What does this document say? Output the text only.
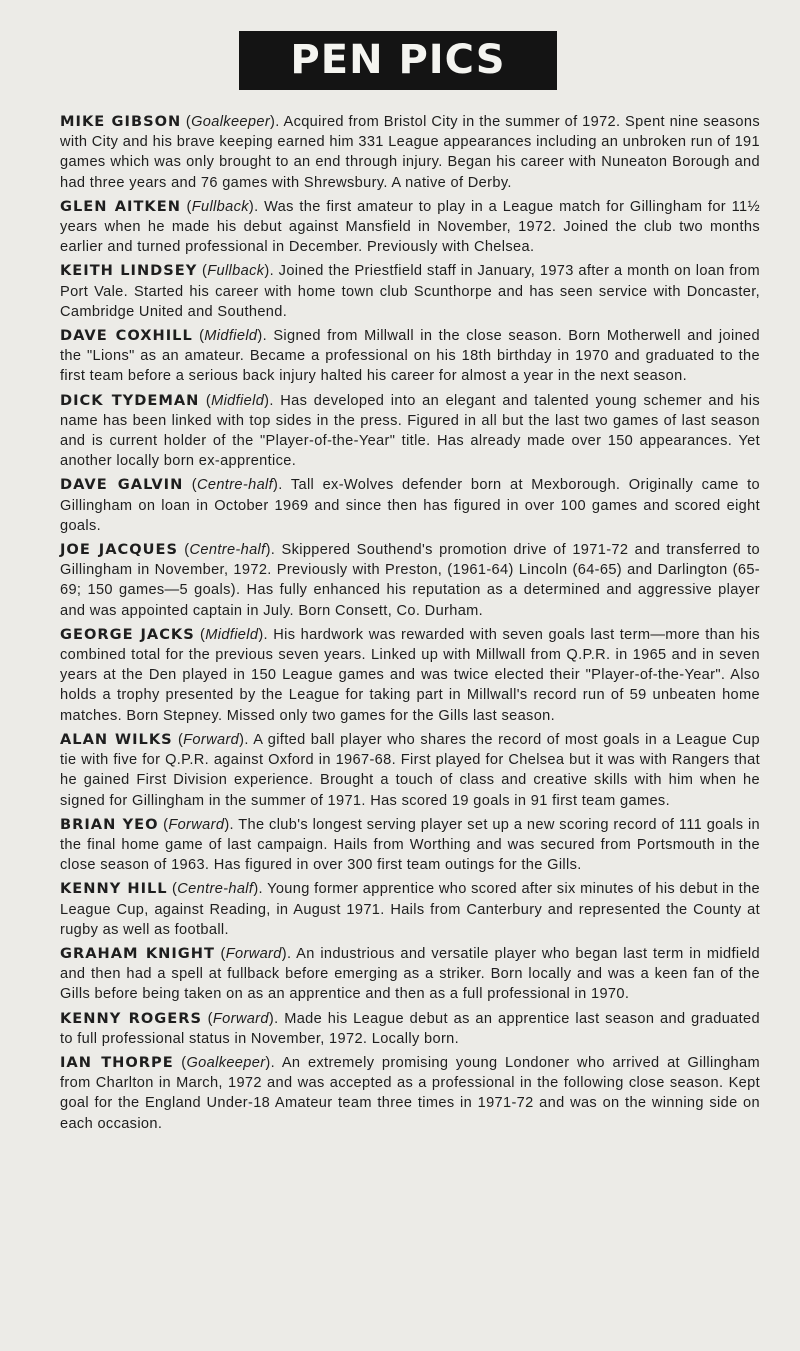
PEN PICS

MIKE GIBSON (Goalkeeper). Acquired from Bristol City in the summer of 1972. Spent nine seasons with City and his brave keeping earned him 331 League appearances including an unbroken run of 191 games which was only brought to an end through injury. Began his career with Nuneaton Borough and had three years and 76 games with Shrewsbury. A native of Derby.

GLEN AITKEN (Fullback). Was the first amateur to play in a League match for Gillingham for 11½ years when he made his debut against Mansfield in November, 1972. Joined the club two months earlier and turned professional in December. Previously with Chelsea.

KEITH LINDSEY (Fullback). Joined the Priestfield staff in January, 1973 after a month on loan from Port Vale. Started his career with home town club Scunthorpe and has seen service with Doncaster, Cambridge United and Southend.

DAVE COXHILL (Midfield). Signed from Millwall in the close season. Born Motherwell and joined the "Lions" as an amateur. Became a professional on his 18th birthday in 1970 and graduated to the first team before a serious back injury halted his career for almost a year in the next season.

DICK TYDEMAN (Midfield). Has developed into an elegant and talented young schemer and his name has been linked with top sides in the press. Figured in all but the last two games of last season and is current holder of the "Player-of-the-Year" title. Has already made over 150 appearances. Yet another locally born ex-apprentice.

DAVE GALVIN (Centre-half). Tall ex-Wolves defender born at Mexborough. Originally came to Gillingham on loan in October 1969 and since then has figured in over 100 games and scored eight goals.

JOE JACQUES (Centre-half). Skippered Southend's promotion drive of 1971-72 and transferred to Gillingham in November, 1972. Previously with Preston, (1961-64) Lincoln (64-65) and Darlington (65-69; 150 games—5 goals). Has fully enhanced his reputation as a determined and aggressive player and was appointed captain in July. Born Consett, Co. Durham.

GEORGE JACKS (Midfield). His hardwork was rewarded with seven goals last term—more than his combined total for the previous seven years. Linked up with Millwall from Q.P.R. in 1965 and in seven years at the Den played in 150 League games and was twice elected their "Player-of-the-Year". Also holds a trophy presented by the League for taking part in Millwall's record run of 59 unbeaten home matches. Born Stepney. Missed only two games for the Gills last season.

ALAN WILKS (Forward). A gifted ball player who shares the record of most goals in a League Cup tie with five for Q.P.R. against Oxford in 1967-68. First played for Chelsea but it was with Rangers that he gained First Division experience. Brought a touch of class and creative skills with him when he signed for Gillingham in the summer of 1971. Has scored 19 goals in 91 first team games.

BRIAN YEO (Forward). The club's longest serving player set up a new scoring record of 111 goals in the final home game of last campaign. Hails from Worthing and was secured from Portsmouth in the close season of 1963. Has figured in over 300 first team outings for the Gills.

KENNY HILL (Centre-half). Young former apprentice who scored after six minutes of his debut in the League Cup, against Reading, in August 1971. Hails from Canterbury and represented the County at rugby as well as football.

GRAHAM KNIGHT (Forward). An industrious and versatile player who began last term in midfield and then had a spell at fullback before emerging as a striker. Born locally and was a keen fan of the Gills before being taken on as an apprentice and then as a full professional in 1970.

KENNY ROGERS (Forward). Made his League debut as an apprentice last season and graduated to full professional status in November, 1972. Locally born.

IAN THORPE (Goalkeeper). An extremely promising young Londoner who arrived at Gillingham from Charlton in March, 1972 and was accepted as a professional in the following close season. Kept goal for the England Under-18 Amateur team three times in 1971-72 and was on the winning side on each occasion.
